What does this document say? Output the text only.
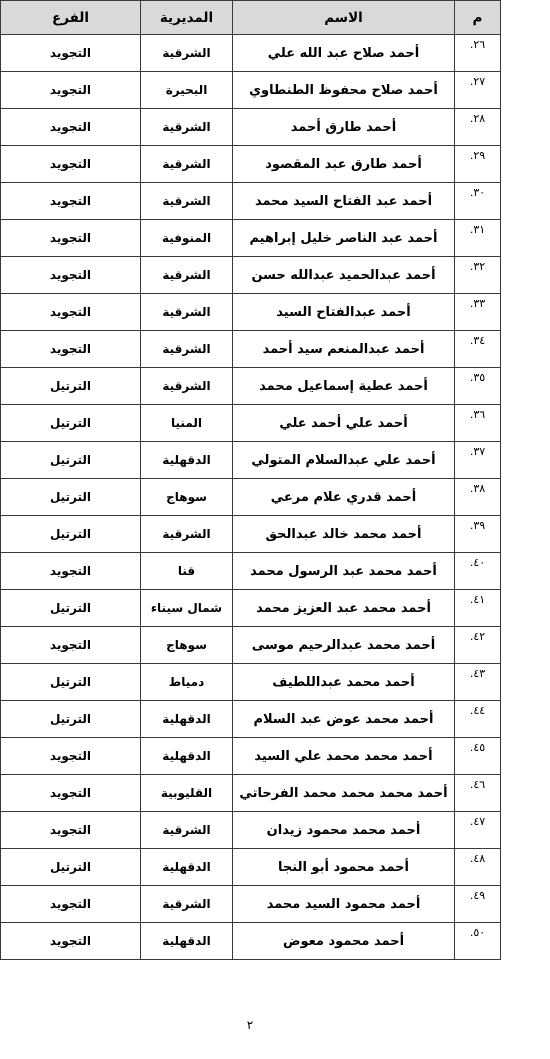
م	الاسم	المديرية	الفرع
٢٦.	أحمد صلاح عبد الله علي	الشرقية	التجويد
٢٧.	أحمد صلاح محفوظ الطنطاوي	البحيرة	التجويد
٢٨.	أحمد طارق أحمد	الشرقية	التجويد
٢٩.	أحمد طارق عبد المقصود	الشرقية	التجويد
٣٠.	أحمد عبد الفتاح السيد محمد	الشرقية	التجويد
٣١.	أحمد عبد الناصر خليل إبراهيم	المنوفية	التجويد
٣٢.	أحمد عبدالحميد عبدالله حسن	الشرقية	التجويد
٣٣.	أحمد عبدالفتاح السيد	الشرقية	التجويد
٣٤.	أحمد عبدالمنعم سيد أحمد	الشرقية	التجويد
٣٥.	أحمد عطية إسماعيل محمد	الشرقية	الترتيل
٣٦.	أحمد علي أحمد علي	المنيا	الترتيل
٣٧.	أحمد علي عبدالسلام المتولي	الدقهلية	الترتيل
٣٨.	أحمد قدري علام مرعي	سوهاج	الترتيل
٣٩.	أحمد محمد خالد عبدالحق	الشرقية	الترتيل
٤٠.	أحمد محمد عبد الرسول محمد	قنا	التجويد
٤١.	أحمد محمد عبد العزيز محمد	شمال سيناء	الترتيل
٤٢.	أحمد محمد عبدالرحيم موسى	سوهاج	التجويد
٤٣.	أحمد محمد عبداللطيف	دمياط	الترتيل
٤٤.	أحمد محمد عوض عبد السلام	الدقهلية	الترتيل
٤٥.	أحمد محمد محمد علي السيد	الدقهلية	التجويد
٤٦.	أحمد محمد محمد محمد الفرحاتي	القليوبية	التجويد
٤٧.	أحمد محمد محمود زيدان	الشرقية	التجويد
٤٨.	أحمد محمود أبو النجا	الدقهلية	الترتيل
٤٩.	أحمد محمود السيد محمد	الشرقية	التجويد
٥٠.	أحمد محمود معوض	الدقهلية	التجويد
٢
